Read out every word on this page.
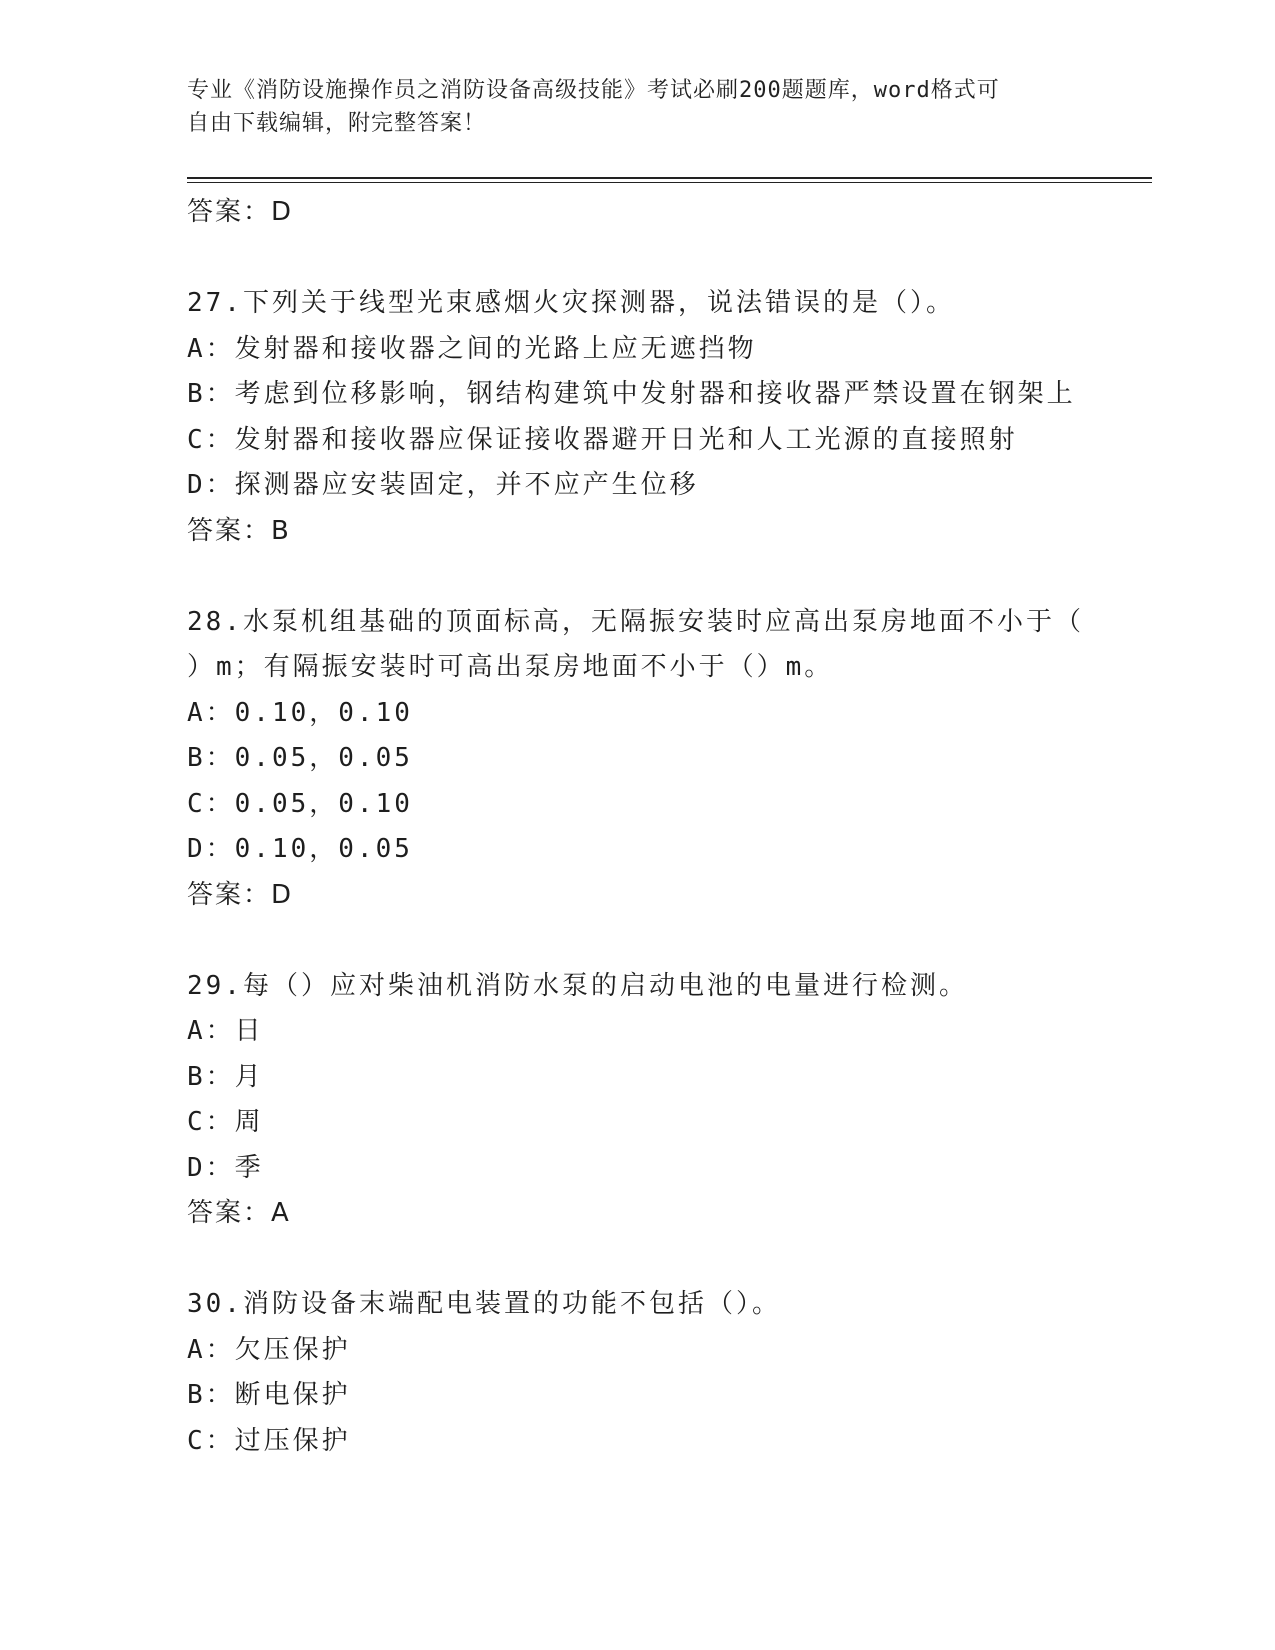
专业《消防设施操作员之消防设备高级技能》考试必刷200题题库，word格式可
自由下载编辑，附完整答案！
答案：D
27.下列关于线型光束感烟火灾探测器，说法错误的是（）。
A：发射器和接收器之间的光路上应无遮挡物
B：考虑到位移影响，钢结构建筑中发射器和接收器严禁设置在钢架上
C：发射器和接收器应保证接收器避开日光和人工光源的直接照射
D：探测器应安装固定，并不应产生位移
答案：B
28.水泵机组基础的顶面标高，无隔振安装时应高出泵房地面不小于（
）m；有隔振安装时可高出泵房地面不小于（）m。
A：0.10，0.10
B：0.05，0.05
C：0.05，0.10
D：0.10，0.05
答案：D
29.每（）应对柴油机消防水泵的启动电池的电量进行检测。
A：日
B：月
C：周
D：季
答案：A
30.消防设备末端配电装置的功能不包括（）。
A：欠压保护
B：断电保护
C：过压保护
